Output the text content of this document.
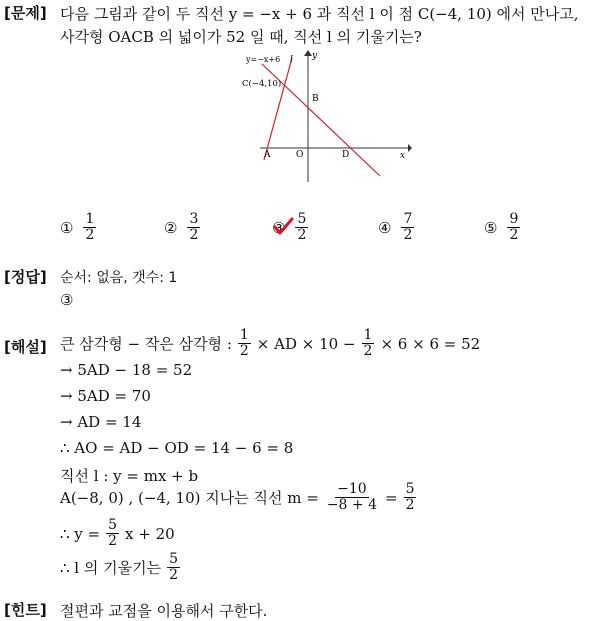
[문제] 다음 그림과 같이 두 직선 y = −x + 6 과 직선 l 이 점 C(−4, 10) 에서 만나고,
사각형 OACB 의 넓이가 52 일 때, 직선 l 의 기울기는?
y=−x+6 l y
x
C(−4,10)
B
A	O	D
① $\frac{1}{2}$	② $\frac{3}{2}$	③ $\frac{5}{2}$	④ $\frac{7}{2}$	⑤ $\frac{9}{2}$
[정답] 순서: 없음, 갯수: 1
③
[해설] 큰 삼각형 − 작은 삼각형 : $\frac{1}{2}$ × AD × $10 - \frac{1}{2} \times 6 \times 6 = 52$
→ 5AD − 18 = 52
→ 5AD = 70
→ AD = 14
∴ AO = AD − OD = 14 − 6 = 8
직선 l : y = mx + b
A(−8, 0) , (−4, 10) 지나는 직선 $m = \frac{-10}{-8 + 4} = \frac{5}{2}$
∴ $y = \frac{5}{2}$ x + 20
∴ l 의 기울기는 $\frac{5}{2}$
[힌트] 절편과 교점을 이용해서 구한다.
